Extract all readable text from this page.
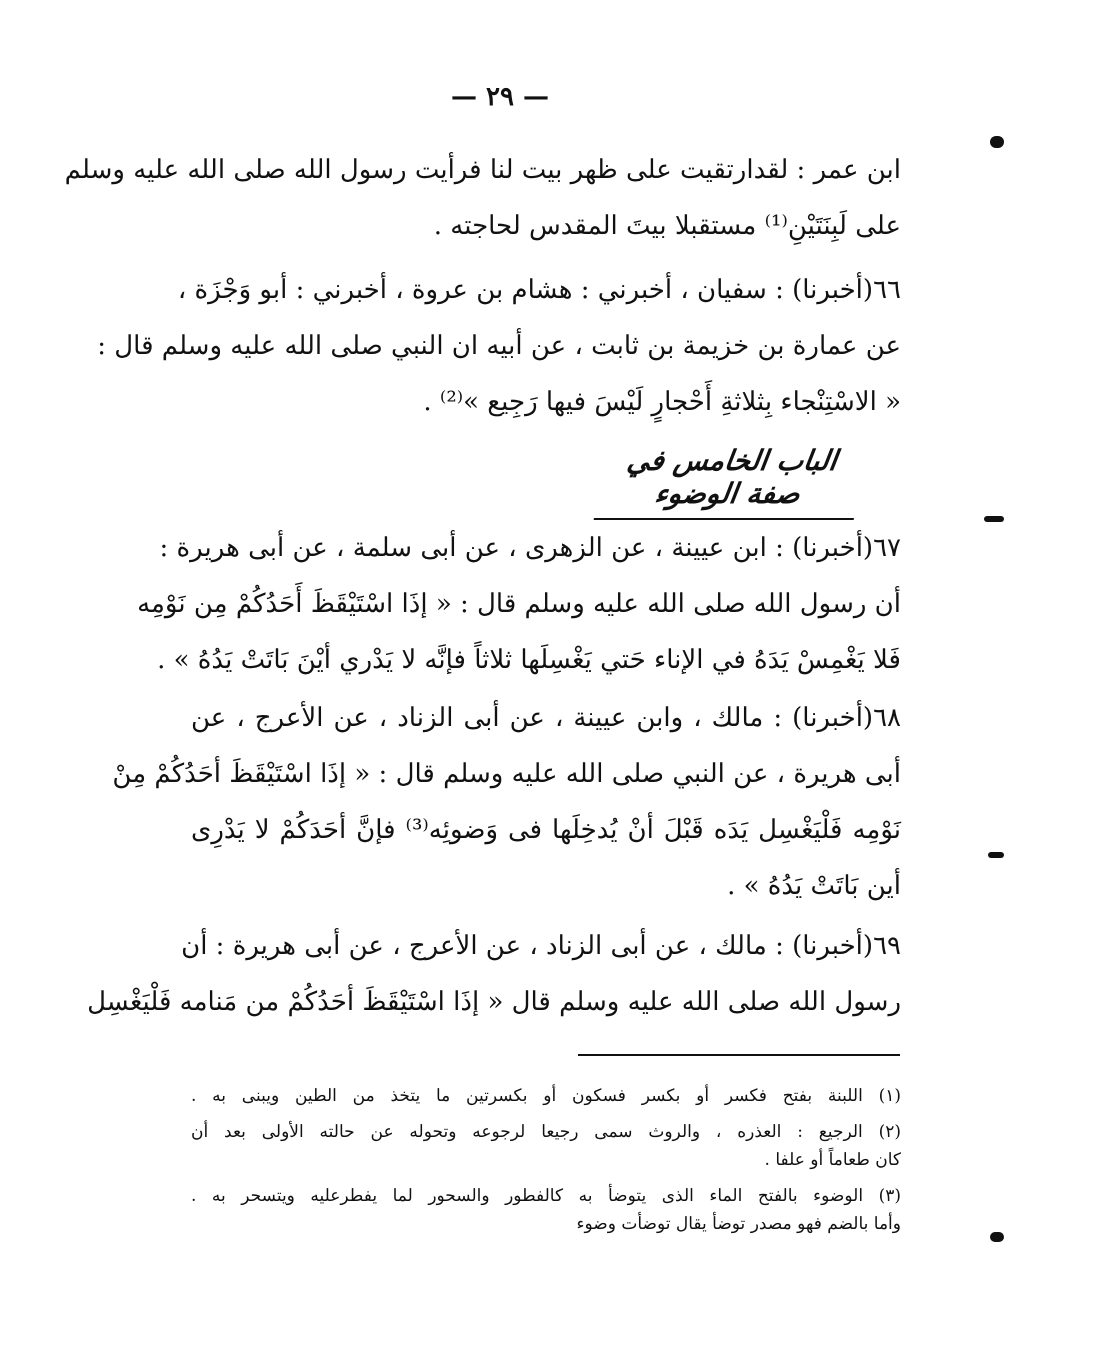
— ٢٩ —
ابن عمر : لقدارتقيت على ظهر بيت لنا فرأيت رسول الله صلى الله عليه وسلم
على لَبِنَتَيْنِ⁽¹⁾ مستقبلا بيتَ المقدس لحاجته .
٦٦(أخبرنا) : سفيان ، أخبرني : هشام بن عروة ، أخبرني : أبو وَجْزَة ،
عن عمارة بن خزيمة بن ثابت ، عن أبيه ان النبي صلى الله عليه وسلم قال :
« الاسْتِنْجاء بِثلاثةِ أَحْجارٍ لَيْسَ فيها رَجِيع »⁽²⁾ .
الباب الخامس في صفة الوضوء
٦٧(أخبرنا) : ابن عيينة ، عن الزهرى ، عن أبى سلمة ، عن أبى هريرة :
أن رسول الله صلى الله عليه وسلم قال : « إذَا اسْتَيْقَظَ أَحَدُكُمْ مِن نَوْمِه
فَلا يَغْمِسْ يَدَهُ في الإناء حَتي يَغْسِلَها ثلاثاً فإنَّه لا يَدْري أيْنَ بَاتَتْ يَدُهُ » .
٦٨(أخبرنا) : مالك ، وابن عيينة ، عن أبى الزناد ، عن الأعرج ، عن
أبى هريرة ، عن النبي صلى الله عليه وسلم قال : « إذَا اسْتَيْقَظَ أحَدُكُمْ مِنْ
نَوْمِه فَلْيَغْسِل يَدَه قَبْلَ أنْ يُدخِلَها فى وَضوئِه⁽³⁾ فإنَّ أحَدَكُمْ لا يَدْرِى
أين بَاتَتْ يَدُهُ » .
٦٩(أخبرنا) : مالك ، عن أبى الزناد ، عن الأعرج ، عن أبى هريرة : أن
رسول الله صلى الله عليه وسلم قال « إذَا اسْتَيْقَظَ أحَدُكُمْ من مَنامه فَلْيَغْسِل
(١) اللبنة بفتح فكسر أو بكسر فسكون أو بكسرتين ما يتخذ من الطين ويبنى به .
(٢) الرجيع : العذره ، والروث سمى رجيعا لرجوعه وتحوله عن حالته الأولى بعد أن
كان طعاماً أو علفا .
(٣) الوضوء بالفتح الماء الذى يتوضأ به كالفطور والسحور لما يفطرعليه ويتسحر به .
وأما بالضم فهو مصدر توضأ يقال توضأت وضوء
